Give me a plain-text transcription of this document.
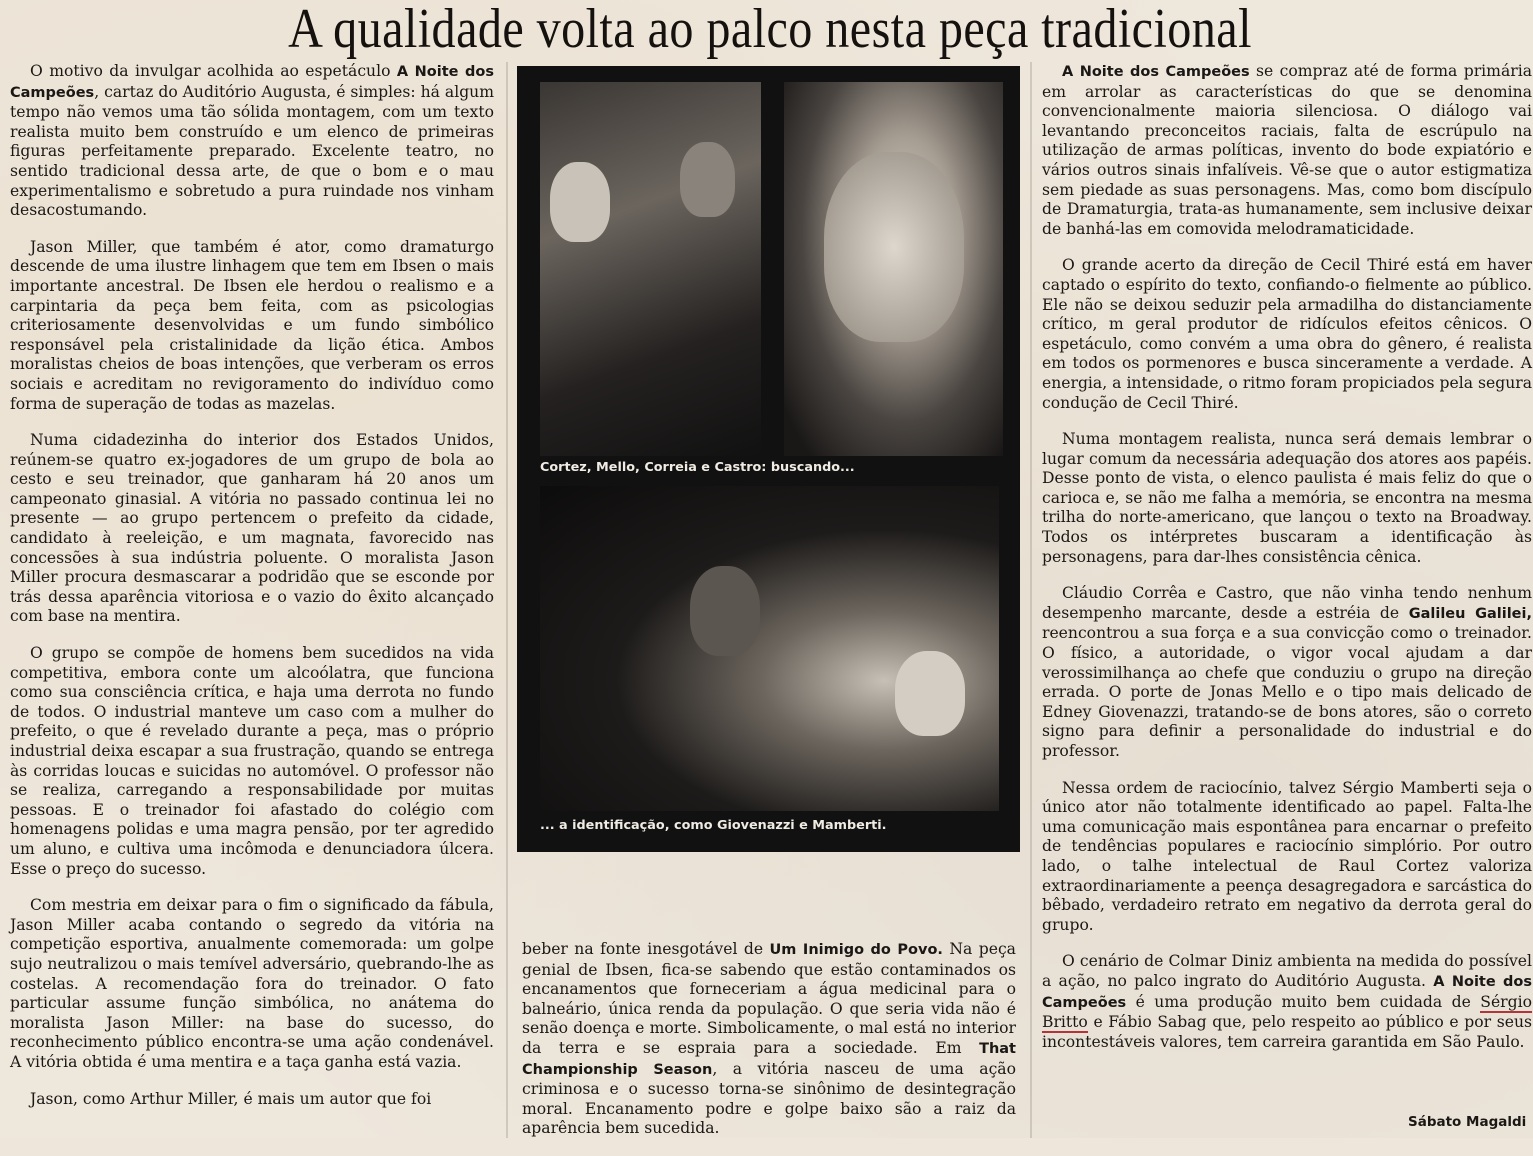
A qualidade volta ao palco nesta peça tradicional

O motivo da invulgar acolhida ao espetáculo A Noite dos Campeões, cartaz do Auditório Augusta, é simples: há algum tempo não vemos uma tão sólida montagem, com um texto realista muito bem construído e um elenco de primeiras figuras perfeitamente preparado. Excelente teatro, no sentido tradicional dessa arte, de que o bom e o mau experimentalismo e sobretudo a pura ruindade nos vinham desacostumando.

Jason Miller, que também é ator, como dramaturgo descende de uma ilustre linhagem que tem em Ibsen o mais importante ancestral. De Ibsen ele herdou o realismo e a carpintaria da peça bem feita, com as psicologias criteriosamente desenvolvidas e um fundo simbólico responsável pela cristalinidade da lição ética. Ambos moralistas cheios de boas intenções, que verberam os erros sociais e acreditam no revigoramento do indivíduo como forma de superação de todas as mazelas.

Numa cidadezinha do interior dos Estados Unidos, reúnem-se quatro ex-jogadores de um grupo de bola ao cesto e seu treinador, que ganharam há 20 anos um campeonato ginasial. A vitória no passado continua lei no presente — ao grupo pertencem o prefeito da cidade, candidato à reeleição, e um magnata, favorecido nas concessões à sua indústria poluente. O moralista Jason Miller procura desmascarar a podridão que se esconde por trás dessa aparência vitoriosa e o vazio do êxito alcançado com base na mentira.

O grupo se compõe de homens bem sucedidos na vida competitiva, embora conte um alcoólatra, que funciona como sua consciência crítica, e haja uma derrota no fundo de todos. O industrial manteve um caso com a mulher do prefeito, o que é revelado durante a peça, mas o próprio industrial deixa escapar a sua frustração, quando se entrega às corridas loucas e suicidas no automóvel. O professor não se realiza, carregando a responsabilidade por muitas pessoas. E o treinador foi afastado do colégio com homenagens polidas e uma magra pensão, por ter agredido um aluno, e cultiva uma incômoda e denunciadora úlcera. Esse o preço do sucesso.

Com mestria em deixar para o fim o significado da fábula, Jason Miller acaba contando o segredo da vitória na competição esportiva, anualmente comemorada: um golpe sujo neutralizou o mais temível adversário, quebrando-lhe as costelas. A recomendação fora do treinador. O fato particular assume função simbólica, no anátema do moralista Jason Miller: na base do sucesso, do reconhecimento público encontra-se uma ação condenável. A vitória obtida é uma mentira e a taça ganha está vazia.

Jason, como Arthur Miller, é mais um autor que foi

Cortez, Mello, Correia e Castro: buscando...
... a identificação, como Giovenazzi e Mamberti.

beber na fonte inesgotável de Um Inimigo do Povo. Na peça genial de Ibsen, fica-se sabendo que estão contaminados os encanamentos que forneceriam a água medicinal para o balneário, única renda da população. O que seria vida não é senão doença e morte. Simbolicamente, o mal está no interior da terra e se espraia para a sociedade. Em That Championship Season, a vitória nasceu de uma ação criminosa e o sucesso torna-se sinônimo de desintegração moral. Encanamento podre e golpe baixo são a raiz da aparência bem sucedida.

A Noite dos Campeões se compraz até de forma primária em arrolar as características do que se denomina convencionalmente maioria silenciosa. O diálogo vai levantando preconceitos raciais, falta de escrúpulo na utilização de armas políticas, invento do bode expiatório e vários outros sinais infalíveis. Vê-se que o autor estigmatiza sem piedade as suas personagens. Mas, como bom discípulo de Dramaturgia, trata-as humanamente, sem inclusive deixar de banhá-las em comovida melodramaticidade.

O grande acerto da direção de Cecil Thiré está em haver captado o espírito do texto, confiando-o fielmente ao público. Ele não se deixou seduzir pela armadilha do distanciamente crítico, m geral produtor de ridículos efeitos cênicos. O espetáculo, como convém a uma obra do gênero, é realista em todos os pormenores e busca sinceramente a verdade. A energia, a intensidade, o ritmo foram propiciados pela segura condução de Cecil Thiré.

Numa montagem realista, nunca será demais lembrar o lugar comum da necessária adequação dos atores aos papéis. Desse ponto de vista, o elenco paulista é mais feliz do que o carioca e, se não me falha a memória, se encontra na mesma trilha do norte-americano, que lançou o texto na Broadway. Todos os intérpretes buscaram a identificação às personagens, para dar-lhes consistência cênica.

Cláudio Corrêa e Castro, que não vinha tendo nenhum desempenho marcante, desde a estréia de Galileu Galilei, reencontrou a sua força e a sua convicção como o treinador. O físico, a autoridade, o vigor vocal ajudam a dar verossimilhança ao chefe que conduziu o grupo na direção errada. O porte de Jonas Mello e o tipo mais delicado de Edney Giovenazzi, tratando-se de bons atores, são o correto signo para definir a personalidade do industrial e do professor.

Nessa ordem de raciocínio, talvez Sérgio Mamberti seja o único ator não totalmente identificado ao papel. Falta-lhe uma comunicação mais espontânea para encarnar o prefeito de tendências populares e raciocínio simplório. Por outro lado, o talhe intelectual de Raul Cortez valoriza extraordinariamente a peença desagregadora e sarcástica do bêbado, verdadeiro retrato em negativo da derrota geral do grupo.

O cenário de Colmar Diniz ambienta na medida do possível a ação, no palco ingrato do Auditório Augusta. A Noite dos Campeões é uma produção muito bem cuidada de Sérgio Britto e Fábio Sabag que, pelo respeito ao público e por seus incontestáveis valores, tem carreira garantida em São Paulo.

Sábato Magaldi
